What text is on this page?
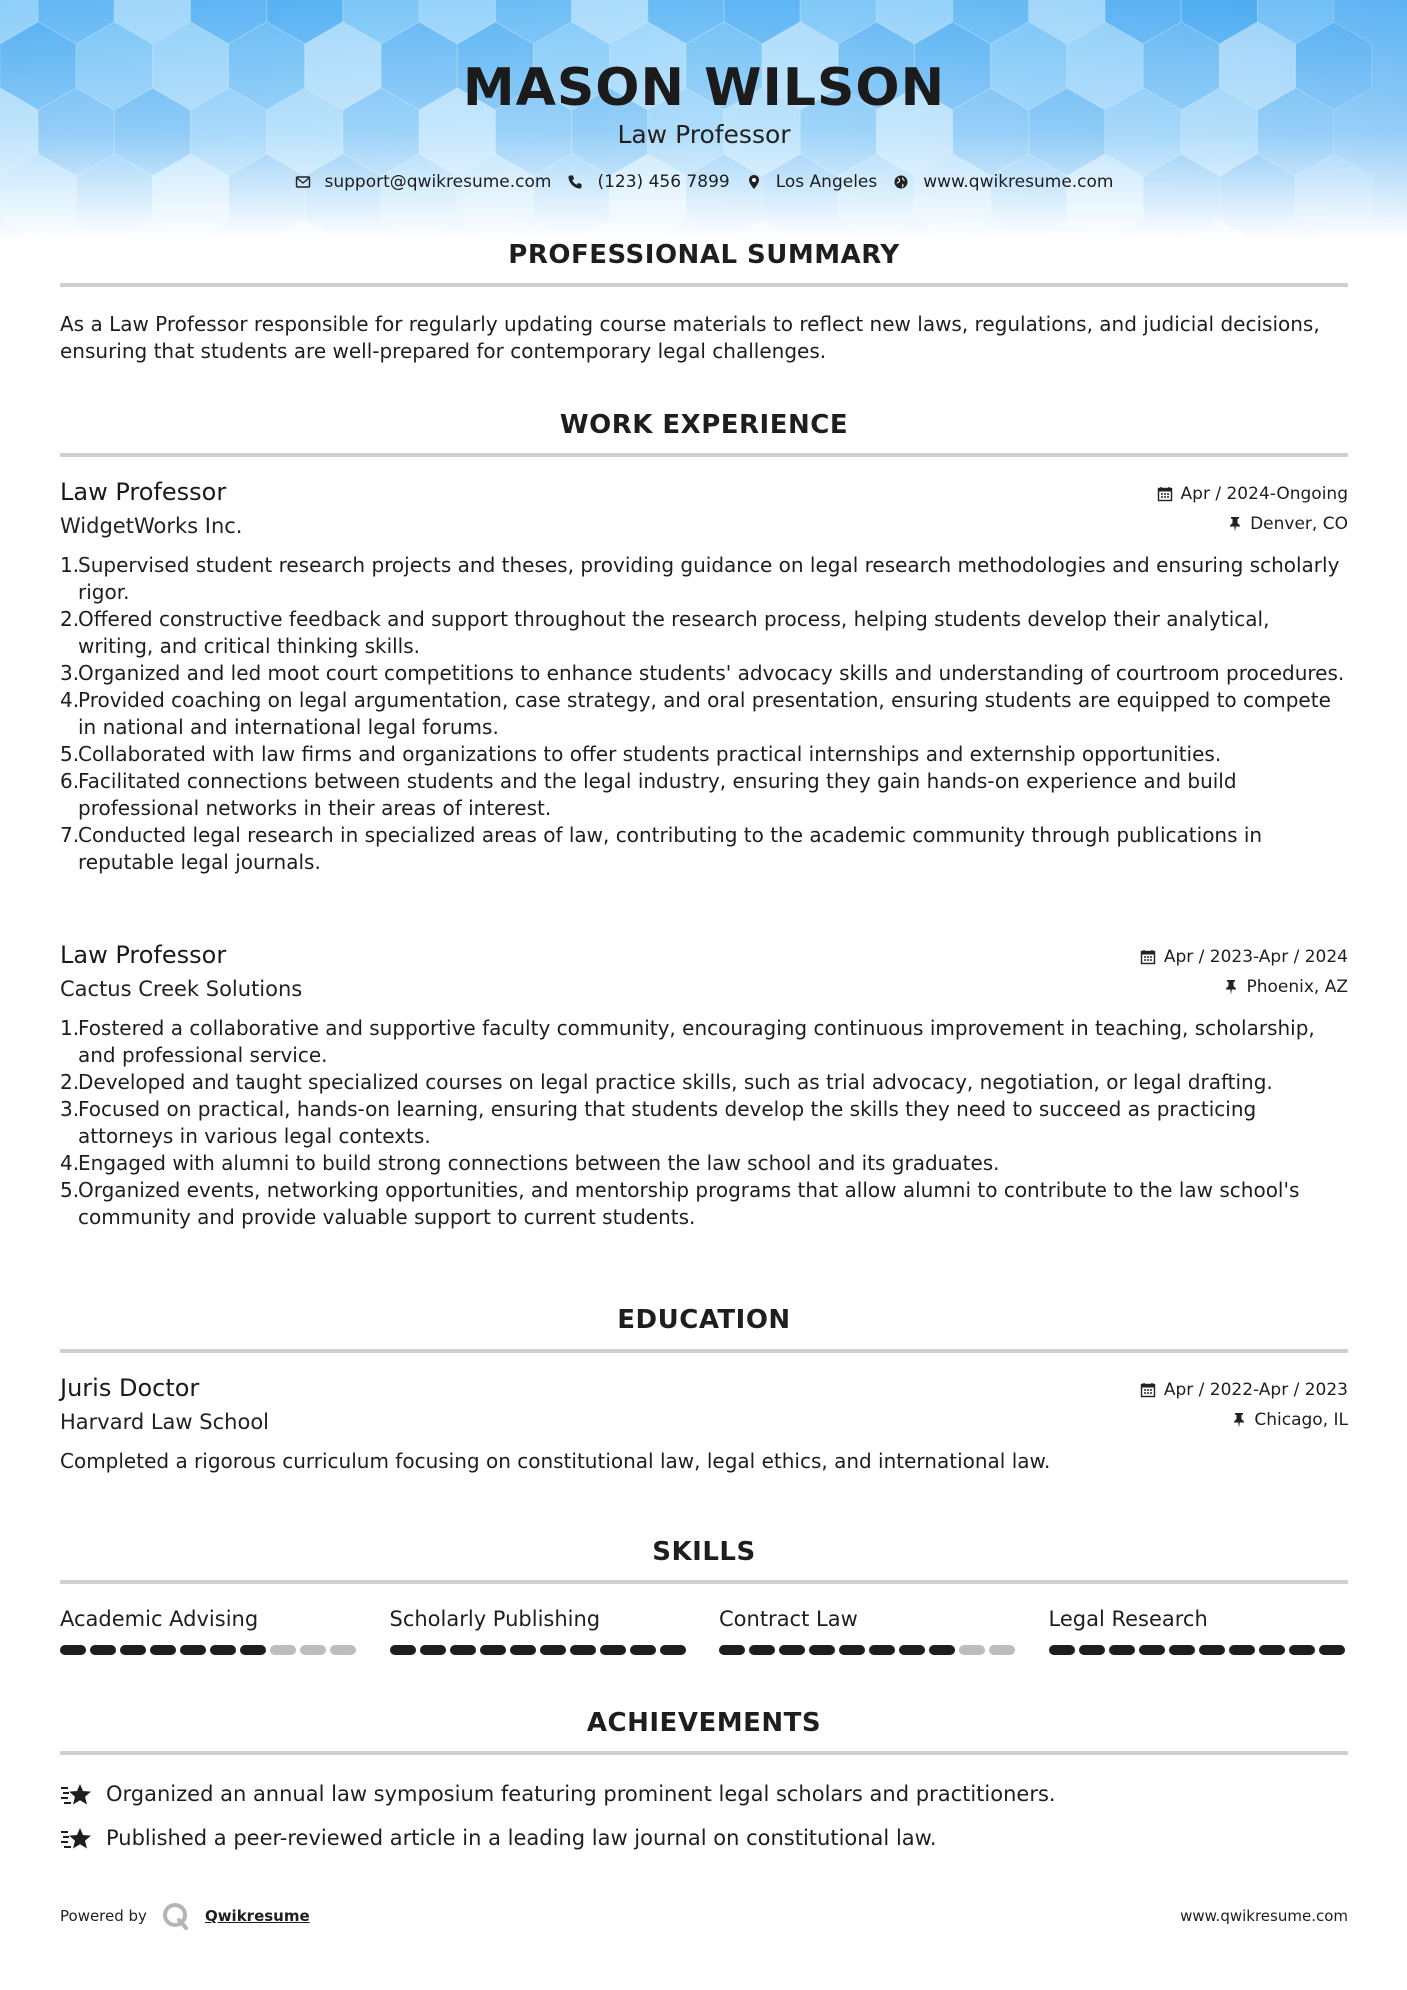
MASON WILSON
Law Professor
support@qwikresume.com	(123) 456 7899	Los Angeles	www.qwikresume.com
PROFESSIONAL SUMMARY
As a Law Professor responsible for regularly updating course materials to reflect new laws, regulations, and judicial decisions, ensuring that students are well-prepared for contemporary legal challenges.
WORK EXPERIENCE
Law Professor	Apr / 2024-Ongoing
WidgetWorks Inc.	Denver, CO
1.
Supervised student research projects and theses, providing guidance on legal research methodologies and ensuring scholarly rigor.
2.
Offered constructive feedback and support throughout the research process, helping students develop their analytical, writing, and critical thinking skills.
3.
Organized and led moot court competitions to enhance students' advocacy skills and understanding of courtroom procedures.
4.
Provided coaching on legal argumentation, case strategy, and oral presentation, ensuring students are equipped to compete in national and international legal forums.
5.
Collaborated with law firms and organizations to offer students practical internships and externship opportunities.
6.
Facilitated connections between students and the legal industry, ensuring they gain hands-on experience and build professional networks in their areas of interest.
7.
Conducted legal research in specialized areas of law, contributing to the academic community through publications in reputable legal journals.
Law Professor	Apr / 2023-Apr / 2024
Cactus Creek Solutions	Phoenix, AZ
1.
Fostered a collaborative and supportive faculty community, encouraging continuous improvement in teaching, scholarship, and professional service.
2.
Developed and taught specialized courses on legal practice skills, such as trial advocacy, negotiation, or legal drafting.
3.
Focused on practical, hands-on learning, ensuring that students develop the skills they need to succeed as practicing attorneys in various legal contexts.
4.
Engaged with alumni to build strong connections between the law school and its graduates.
5.
Organized events, networking opportunities, and mentorship programs that allow alumni to contribute to the law school's community and provide valuable support to current students.
EDUCATION
Juris Doctor	Apr / 2022-Apr / 2023
Harvard Law School	Chicago, IL
Completed a rigorous curriculum focusing on constitutional law, legal ethics, and international law.
SKILLS
Academic Advising	Scholarly Publishing	Contract Law	Legal Research
ACHIEVEMENTS
Organized an annual law symposium featuring prominent legal scholars and practitioners.
Published a peer-reviewed article in a leading law journal on constitutional law.
Powered by	Qwikresume	www.qwikresume.com
